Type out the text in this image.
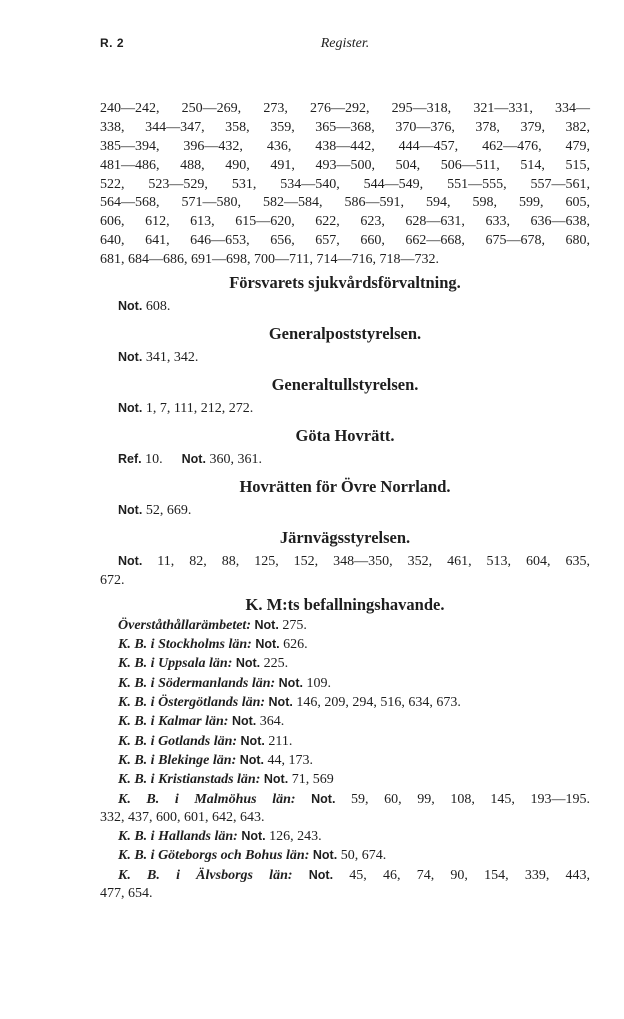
R. 2	Register.
240—242, 250—269, 273, 276—292, 295—318, 321—331, 334—
338, 344—347, 358, 359, 365—368, 370—376, 378, 379, 382,
385—394, 396—432, 436, 438—442, 444—457, 462—476, 479,
481—486, 488, 490, 491, 493—500, 504, 506—511, 514, 515,
522, 523—529, 531, 534—540, 544—549, 551—555, 557—561,
564—568, 571—580, 582—584, 586—591, 594, 598, 599, 605,
606, 612, 613, 615—620, 622, 623, 628—631, 633, 636—638,
640, 641, 646—653, 656, 657, 660, 662—668, 675—678, 680,
681, 684—686, 691—698, 700—711, 714—716, 718—732.
Försvarets sjukvårdsförvaltning.
Not. 608.
Generalpoststyrelsen.
Not. 341, 342.
Generaltullstyrelsen.
Not. 1, 7, 111, 212, 272.
Göta Hovrätt.
Ref. 10. Not. 360, 361.
Hovrätten för Övre Norrland.
Not. 52, 669.
Järnvägsstyrelsen.
Not. 11, 82, 88, 125, 152, 348—350, 352, 461, 513, 604, 635,
672.
K. M:ts befallningshavande.
Överståthållarämbetet: Not. 275.
K. B. i Stockholms län: Not. 626.
K. B. i Uppsala län: Not. 225.
K. B. i Södermanlands län: Not. 109.
K. B. i Östergötlands län: Not. 146, 209, 294, 516, 634, 673.
K. B. i Kalmar län: Not. 364.
K. B. i Gotlands län: Not. 211.
K. B. i Blekinge län: Not. 44, 173.
K. B. i Kristianstads län: Not. 71, 569
K. B. i Malmöhus län: Not. 59, 60, 99, 108, 145, 193—195.
332, 437, 600, 601, 642, 643.
K. B. i Hallands län: Not. 126, 243.
K. B. i Göteborgs och Bohus län: Not. 50, 674.
K. B. i Älvsborgs län: Not. 45, 46, 74, 90, 154, 339, 443,
477, 654.
